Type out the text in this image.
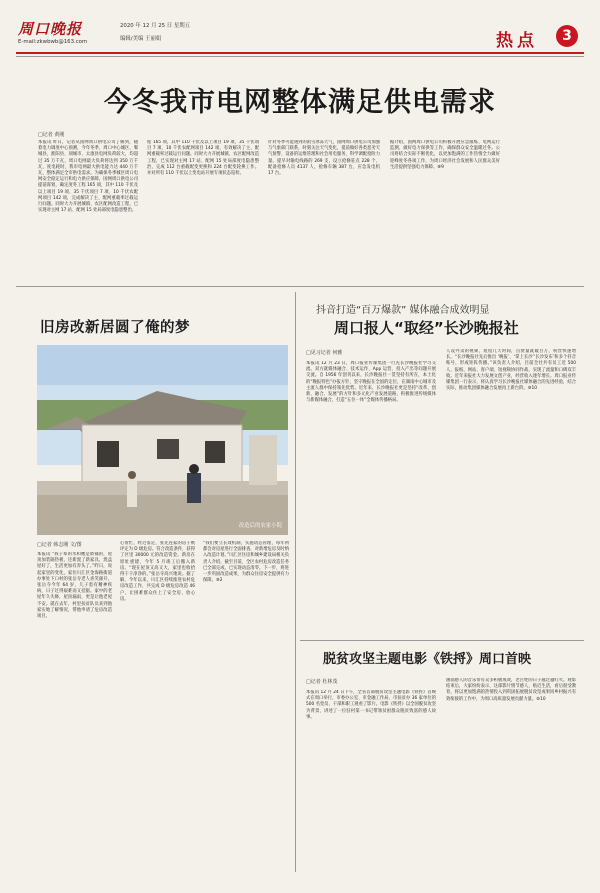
周口晚报
E-mail:zkwbwb@163.com
2020 年 12 月 25 日 星期五
编辑/美编 王丽娟	热点	3
今冬我市电网整体满足供电需求
□记者 黄刚
本报讯 昨日，记者从国网周口供电公司了解到，随着电力调度中心预测，今年冬季，周口中心城区、郸城县、淮阳县、项城市、太康县电网负荷较大，均超过 35 万千瓦，周口电网最大负荷将达到 350 万千瓦，度电耗时，我市电网最大供电能力达 440 万千瓦，整体满足全市供电需求。为确保冬季城区周口电网安全稳定运行和电力供应保障，国网周口供电公司提前谋划，确定度冬工程 165 项，其中 110 千伏及以上项目 19 项、35 千伏项目 7 项、10 千伏农配网项目 142 项，完成解决了主、配网重载率过载运行问题。同时大力开展城镇、农区配网改造工程，已实现对主网 17 站、配网 15 处局部度电隐患整治。
程 165 项，其中 110 千伏及以上项目 19 项、35 千伏项目 7 项、10 千伏农配网项目 142 项，有效解决了主、配网重载率过载运行问题。同时大力开展城镇、农区配网改造工程，已实现对主网 17 站、配网 15 处局部度电隐患整治，完成 112 台重载配变更换和 224 台配变轮换工作。并对所有 110 千伏以上变电站开展专项状态巡检。
针对冬季可能遇到的雨雪冰冻天气，国网周口供电公司加强与气象部门联系，时刻关注天气变化，提前做好各类恶劣天气预警、设备的运维管理和社会用电服务、科学调配抢险力量。提早对输电线路的 269 支，设立抢修驻点 228 个，配备抢修人员 4137 人，抢修车辆 387 台，应急发电机 17 台。
据介绍，国网周口供电公司积极开展应急演练、电网运行监测，做好电力保供等工作，确保群众安全温暖过冬。公司将结合实际不断优化，以更加饱满的工作热情全力做好迎峰度冬各项工作，为周口经济社会发展和人民群众美好生活提供坚强电力保障。⑨9
旧房改新居圆了俺的梦
改造后的农家小院
□记者 韩志刚 文/图
本报讯 “我子辈的水和她是新铺的，屋顶加装隔热板，还新置了新家具，烧盒屋好了，生活更加有奔头了。”昨日，说起家里的变化，家住川汇区金海路街道办事处下口村的张岳寺老人喜笑颜开。张岳寺今年 64 岁，儿子患有精神疾病，日子过得艰难而又拮据。家中的老屋年久失修，屋顶漏雨，更是让他老屋不安。就在去年，村里扶贫队员来到他家实地了解情况，帮他申请了危房改造项目。
心帮忙，经过鉴定，张先连家的房子被评定为 D 级危房。符合改造条件，获得了区里 30000 元的改造资金。新房在原址重建，今年 5 月竣工后搬入新房。“现在屋顶又高又大，家里也收拾得干干净净的。”张岳寺高兴地说。据了解，今年以来，川汇区持续推进农村危房改造工作，共完成 D 级危房改造 46 户，让困难群众住上了安全房、放心房。
“我们要立长效机制，实施动态管理，每年初都会对房屋进行全面排查，对新增危房及时纳入改造计划。”川汇区住房和城乡建设局相关负责人介绍，截至目前，全区农村危房改造任务已全部完成，已实现动态清零。下一步，将进一步巩固改造成果，为群众住房安全提供有力保障。⑨2
抖音打造“百万爆款” 媒体融合成效明显
周口报人“取经”长沙晚报社
□见习记者 何雅
本报讯 12 月 23 日，周口报业传媒集团一行先长沙晚报社学习交流。双方就媒体融合、技术运作、App 运营、投入产出等问题开展交流。自 1956 年创刊以来，长沙晚报社一贯坚持有所在，本土化的“晚报特色”办报方针，坚守晚报在全国的定位，在湖南中心城市及主流人群中保持领先优势。近年来，长沙晚报社更是坚持“改革、创新、融合、发展”的方针和多元化产业发展道路，积极推进传统媒体与新媒体融合，打造“五位一体”全媒体传播格局。
人设外卖的视频，短短几天时间，点赞量就破百万，粉丝快速增长。“长沙晚报社先后推出 ‘晚报’、‘掌上长沙’‘长沙发布’和多个抖音账号，形成矩阵传播。”该负责人介绍，目前全社共有员工近 500 人，报纸、网站、客户端、短视频协同作战，实现了流量和口碑双丰收。近年来报社大力发展文创产业，经营收入逐年增长。周口报业传媒集团一行表示，将认真学习长沙晚报社媒体融合的先进经验，结合实际，推动集团媒体融合发展再上新台阶。⑨10
脱贫攻坚主题电影《铁捋》周口首映
□记者 杜林茂
本报讯 12 月 24 日下午，全省首部脱贫攻坚主题电影《铁捋》首映式在周口举行，市委办公室、市金融工作局、市扶贫办 36 家单位的 500 名党员、干部和职工观看了影片。电影《铁捋》以全国脱贫攻坚为背景，讲述了一位驻村第一书记带领贫困群众脱贫致富的感人故事。
画面感人的音乐带有众多积极成效，老百姓的日子越过越红火。观影结束后，大家纷纷表示，这部影片情节感人，贴近生活，看后很受教育，将以更加饱满的热情投入到巩固拓展脱贫攻坚成果同乡村振兴有效衔接的工作中，为周口高质量发展贡献力量。⑩10
